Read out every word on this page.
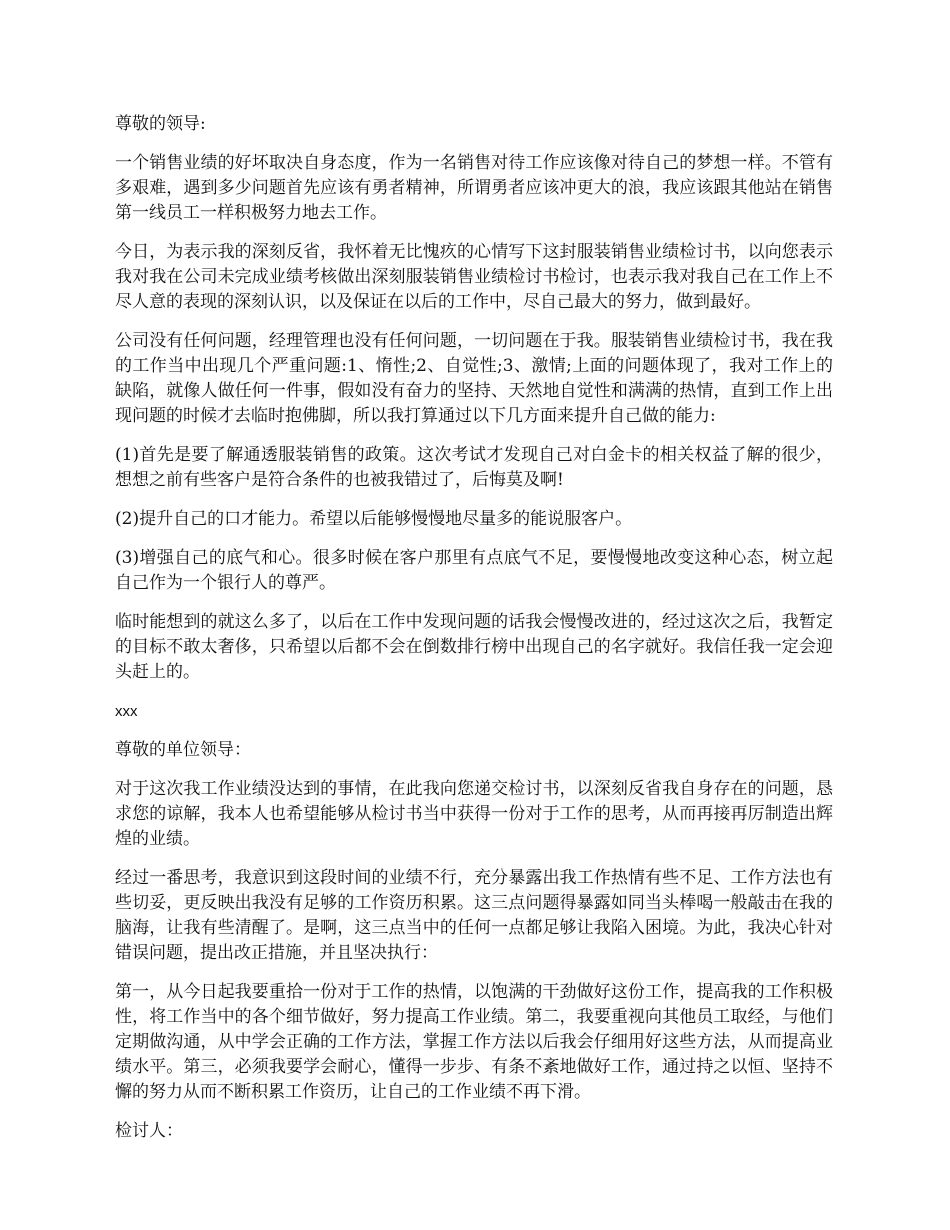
尊敬的领导:

一个销售业绩的好坏取决自身态度，作为一名销售对待工作应该像对待自己的梦想一样。不管有多艰难，遇到多少问题首先应该有勇者精神，所谓勇者应该冲更大的浪，我应该跟其他站在销售第一线员工一样积极努力地去工作。

今日，为表示我的深刻反省，我怀着无比愧疚的心情写下这封服装销售业绩检讨书，以向您表示我对我在公司未完成业绩考核做出深刻服装销售业绩检讨书检讨，也表示我对我自己在工作上不尽人意的表现的深刻认识，以及保证在以后的工作中，尽自己最大的努力，做到最好。

公司没有任何问题，经理管理也没有任何问题，一切问题在于我。服装销售业绩检讨书，我在我的工作当中出现几个严重问题:1、惰性;2、自觉性;3、激情;上面的问题体现了，我对工作上的缺陷，就像人做任何一件事，假如没有奋力的坚持、天然地自觉性和满满的热情，直到工作上出现问题的时候才去临时抱佛脚，所以我打算通过以下几方面来提升自己做的能力:

(1)首先是要了解通透服装销售的政策。这次考试才发现自己对白金卡的相关权益了解的很少，想想之前有些客户是符合条件的也被我错过了，后悔莫及啊!

(2)提升自己的口才能力。希望以后能够慢慢地尽量多的能说服客户。

(3)增强自己的底气和心。很多时候在客户那里有点底气不足，要慢慢地改变这种心态，树立起自己作为一个银行人的尊严。

临时能想到的就这么多了，以后在工作中发现问题的话我会慢慢改进的，经过这次之后，我暂定的目标不敢太奢侈，只希望以后都不会在倒数排行榜中出现自己的名字就好。我信任我一定会迎头赶上的。

xxx

尊敬的单位领导：

对于这次我工作业绩没达到的事情，在此我向您递交检讨书，以深刻反省我自身存在的问题，恳求您的谅解，我本人也希望能够从检讨书当中获得一份对于工作的思考，从而再接再厉制造出辉煌的业绩。

经过一番思考，我意识到这段时间的业绩不行，充分暴露出我工作热情有些不足、工作方法也有些切妥，更反映出我没有足够的工作资历积累。这三点问题得暴露如同当头棒喝一般敲击在我的脑海，让我有些清醒了。是啊，这三点当中的任何一点都足够让我陷入困境。为此，我决心针对错误问题，提出改正措施，并且坚决执行：

第一，从今日起我要重拾一份对于工作的热情，以饱满的干劲做好这份工作，提高我的工作积极性，将工作当中的各个细节做好，努力提高工作业绩。第二，我要重视向其他员工取经，与他们定期做沟通，从中学会正确的工作方法，掌握工作方法以后我会仔细用好这些方法，从而提高业绩水平。第三，必须我要学会耐心，懂得一步步、有条不紊地做好工作，通过持之以恒、坚持不懈的努力从而不断积累工作资历，让自己的工作业绩不再下滑。

检讨人：
